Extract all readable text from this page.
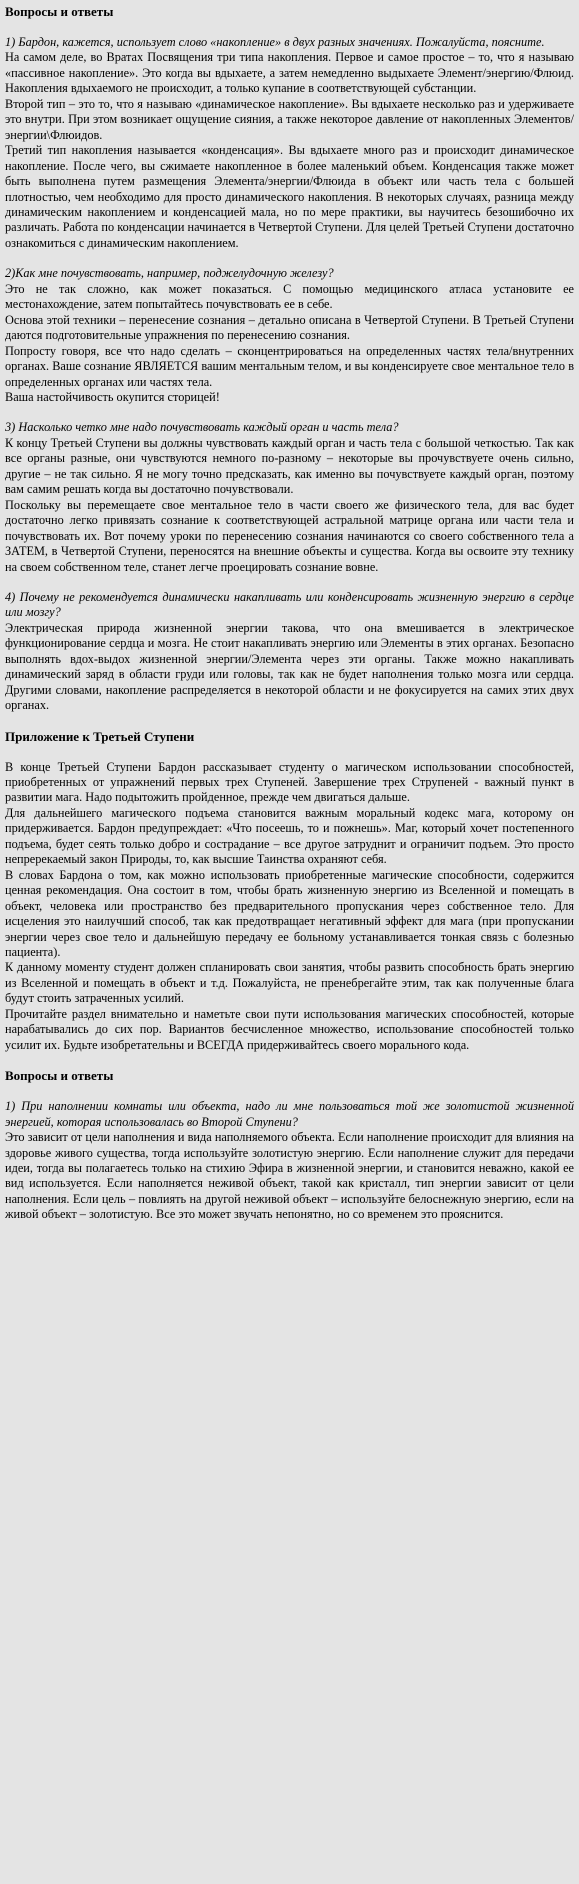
Вопросы и ответы

1) Бардон, кажется, использует слово «накопление» в двух разных значениях. Пожалуйста, поясните.

На самом деле, во Вратах Посвящения три типа накопления. Первое и самое простое – то, что я называю «пассивное накопление». Это когда вы вдыхаете, а затем немедленно выдыхаете Элемент/энергию/Флюид. Накопления вдыхаемого не происходит, а только купание в соответствующей субстанции.

Второй тип – это то, что я называю «динамическое накопление». Вы вдыхаете несколько раз и удерживаете это внутри. При этом возникает ощущение сияния, а также некоторое давление от накопленных Элементов/энергии\Флюидов.

Третий тип накопления называется «конденсация». Вы вдыхаете много раз и происходит динамическое накопление. После чего, вы сжимаете накопленное в более маленький объем. Конденсация также может быть выполнена путем размещения Элемента/энергии/Флюида в объект или часть тела с большей плотностью, чем необходимо для просто динамического накопления. В некоторых случаях, разница между динамическим накоплением и конденсацией мала, но по мере практики, вы научитесь безошибочно их различать. Работа по конденсации начинается в Четвертой Ступени. Для целей Третьей Ступени достаточно ознакомиться с динамическим накоплением.

2)Как мне почувствовать, например, поджелудочную железу?

Это не так сложно, как может показаться. С помощью медицинского атласа установите ее местонахождение, затем попытайтесь почувствовать ее в себе.

Основа этой техники – перенесение сознания – детально описана в Четвертой Ступени. В Третьей Ступени даются подготовительные упражнения по перенесению сознания.

Попросту говоря, все что надо сделать – сконцентрироваться на определенных частях тела/внутренних органах. Ваше сознание ЯВЛЯЕТСЯ вашим ментальным телом, и вы конденсируете свое ментальное тело в определенных органах или частях тела.

Ваша настойчивость окупится сторицей!

3) Насколько четко мне надо почувствовать каждый орган и часть тела?

К концу Третьей Ступени вы должны чувствовать каждый орган и часть тела с большой четкостью. Так как все органы разные, они чувствуются немного по-разному – некоторые вы прочувствуете очень сильно, другие – не так сильно. Я не могу точно предсказать, как именно вы почувствуете каждый орган, поэтому вам самим решать когда вы достаточно почувствовали.

Поскольку вы перемещаете свое ментальное тело в части своего же физического тела, для вас будет достаточно легко привязать сознание к соответствующей астральной матрице органа или части тела и почувствовать их. Вот почему уроки по перенесению сознания начинаются со своего собственного тела а ЗАТЕМ, в Четвертой Ступени, переносятся на внешние объекты и существа. Когда вы освоите эту технику на своем собственном теле, станет легче проецировать сознание вовне.

4) Почему не рекомендуется динамически накапливать или конденсировать жизненную энергию в сердце или мозгу?

Электрическая природа жизненной энергии такова, что она вмешивается в электрическое функционирование сердца и мозга. Не стоит накапливать энергию или Элементы в этих органах. Безопасно выполнять вдох-выдох жизненной энергии/Элемента через эти органы. Также можно накапливать динамический заряд в области груди или головы, так как не будет наполнения только мозга или сердца. Другими словами, накопление распределяется в некоторой области и не фокусируется на самих этих двух органах.

Приложение к Третьей Ступени

В конце Третьей Ступени Бардон рассказывает студенту о магическом использовании способностей, приобретенных от упражнений первых трех Ступеней. Завершение трех Струпеней - важный пункт в развитии мага. Надо подытожить пройденное, прежде чем двигаться дальше.

Для дальнейшего магического подъема становится важным моральный кодекс мага, которому он придерживается. Бардон предупреждает: «Что посеешь, то и пожнешь». Маг, который хочет постепенного подъема, будет сеять только добро и сострадание – все другое затруднит и ограничит подъем. Это просто непререкаемый закон Природы, то, как высшие Таинства охраняют себя.

В словах Бардона о том, как можно использовать приобретенные магические способности, содержится ценная рекомендация. Она состоит в том, чтобы брать жизненную энергию из Вселенной и помещать в объект, человека или пространство без предварительного пропускания через собственное тело. Для исцеления это наилучший способ, так как предотвращает негативный эффект для мага (при пропускании энергии через свое тело и дальнейшую передачу ее больному устанавливается тонкая связь с болезнью пациента).

К данному моменту студент должен спланировать свои занятия, чтобы развить способность брать энергию из Вселенной и помещать в объект и т.д. Пожалуйста, не пренебрегайте этим, так как полученные блага будут стоить затраченных усилий.

Прочитайте раздел внимательно и наметьте свои пути использования магических способностей, которые нарабатывались до сих пор. Вариантов бесчисленное множество, использование способностей только усилит их. Будьте изобретательны и ВСЕГДА придерживайтесь своего морального кода.

Вопросы и ответы

1) При наполнении комнаты или объекта, надо ли мне пользоваться той же золотистой жизненной энергией, которая использовалась во Второй Ступени?

Это зависит от цели наполнения и вида наполняемого объекта. Если наполнение происходит для влияния на здоровье живого существа, тогда используйте золотистую энергию. Если наполнение служит для передачи идеи, тогда вы полагаетесь только на стихию Эфира в жизненной энергии, и становится неважно, какой ее вид используется. Если наполняется неживой объект, такой как кристалл, тип энергии зависит от цели наполнения. Если цель – повлиять на другой неживой объект – используйте белоснежную энергию, если на живой объект – золотистую. Все это может звучать непонятно, но со временем это прояснится.
